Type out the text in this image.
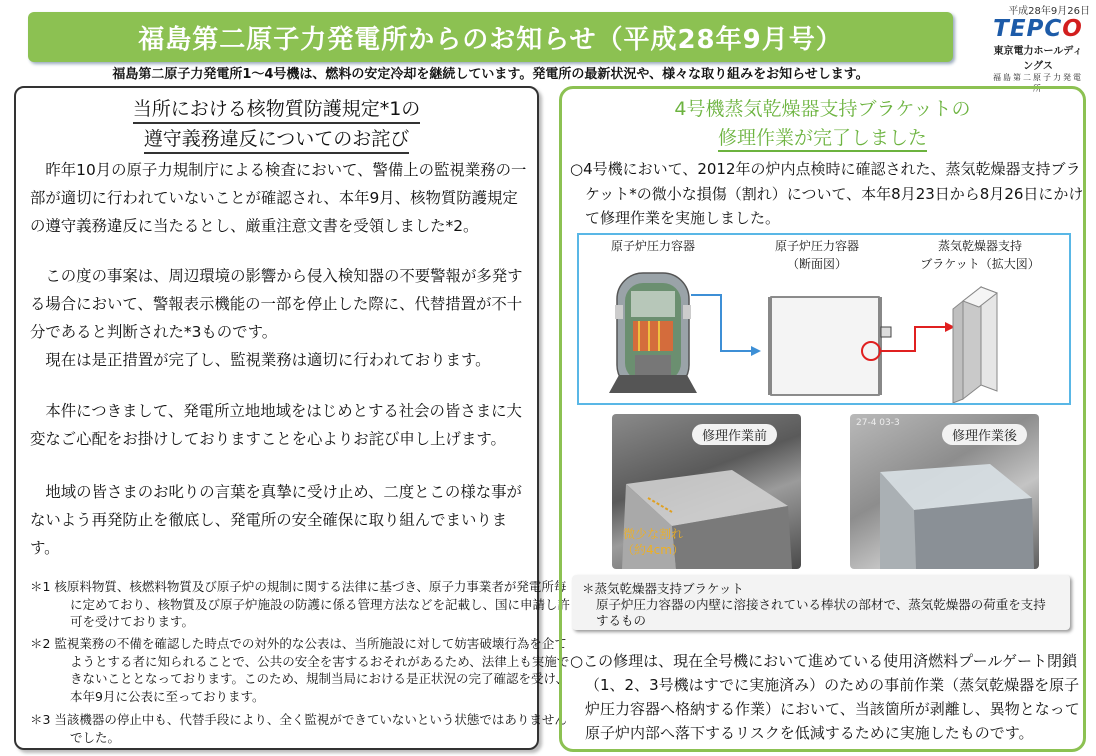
福島第二原子力発電所からのお知らせ（平成28年9月号）
平成28年9月26日
TEPCO
東京電力ホールディングス
福島第二原子力発電所
福島第二原子力発電所1～4号機は、燃料の安定冷却を継続しています。発電所の最新状況や、様々な取り組みをお知らせします。
当所における核物質防護規定*1の
遵守義務違反についてのお詫び
昨年10月の原子力規制庁による検査において、警備上の監視業務の一部が適切に行われていないことが確認され、本年9月、核物質防護規定の遵守義務違反に当たるとし、厳重注意文書を受領しました*2。
この度の事案は、周辺環境の影響から侵入検知器の不要警報が多発する場合において、警報表示機能の一部を停止した際に、代替措置が不十分であると判断された*3ものです。
現在は是正措置が完了し、監視業務は適切に行われております。
本件につきまして、発電所立地地域をはじめとする社会の皆さまに大変なご心配をお掛けしておりますことを心よりお詫び申し上げます。
地域の皆さまのお叱りの言葉を真摯に受け止め、二度とこの様な事がないよう再発防止を徹底し、発電所の安全確保に取り組んでまいります。
＊1 核原料物質、核燃料物質及び原子炉の規制に関する法律に基づき、原子力事業者が発電所毎に定めており、核物質及び原子炉施設の防護に係る管理方法などを記載し、国に申請し許可を受けております。
＊2 監視業務の不備を確認した時点での対外的な公表は、当所施設に対して妨害破壊行為を企てようとする者に知られることで、公共の安全を害するおそれがあるため、法律上も実施できないこととなっております。このため、規制当局における是正状況の完了確認を受け、本年9月に公表に至っております。
＊3 当該機器の停止中も、代替手段により、全く監視ができていないという状態ではありませんでした。
4号機蒸気乾燥器支持ブラケットの
修理作業が完了しました
○4号機において、2012年の炉内点検時に確認された、蒸気乾燥器支持ブラケット*の微小な損傷（割れ）について、本年8月23日から8月26日にかけて修理作業を実施しました。
原子炉圧力容器	原子炉圧力容器
（断面図）
蒸気乾燥器支持
ブラケット（拡大図）
修理作業前
微少な割れ
（約4cm）
27-4 03-3
修理作業後
＊蒸気乾燥器支持ブラケット
原子炉圧力容器の内壁に溶接されている棒状の部材で、蒸気乾燥器の荷重を支持するもの
○この修理は、現在全号機において進めている使用済燃料プールゲート閉鎖（1、2、3号機はすでに実施済み）のための事前作業（蒸気乾燥器を原子炉圧力容器へ格納する作業）において、当該箇所が剥離し、異物となって原子炉内部へ落下するリスクを低減するために実施したものです。
